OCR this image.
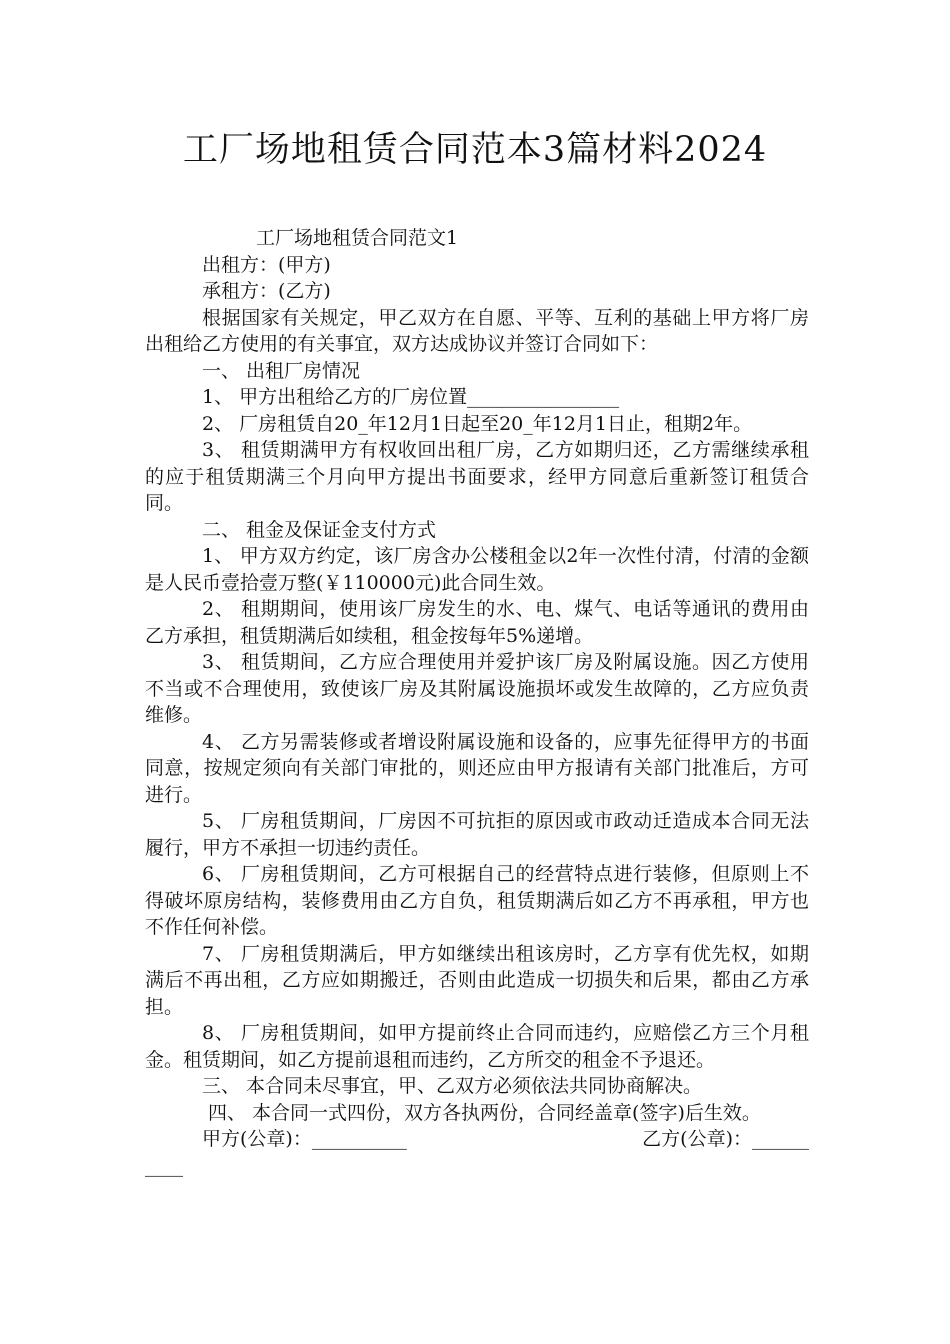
工厂场地租赁合同范本3篇材料2024

工厂场地租赁合同范文1

出租方：(甲方)

承租方：(乙方)

根据国家有关规定，甲乙双方在自愿、平等、互利的基础上甲方将厂房出租给乙方使用的有关事宜，双方达成协议并签订合同如下：

一、 出租厂房情况

1、 甲方出租给乙方的厂房位置________________

2、 厂房租赁自20_年12月1日起至20_年12月1日止，租期2年。

3、 租赁期满甲方有权收回出租厂房，乙方如期归还，乙方需继续承租的应于租赁期满三个月向甲方提出书面要求，经甲方同意后重新签订租赁合同。

二、 租金及保证金支付方式

1、 甲方双方约定，该厂房含办公楼租金以2年一次性付清，付清的金额是人民币壹拾壹万整(￥110000元)此合同生效。

2、 租期期间，使用该厂房发生的水、电、煤气、电话等通讯的费用由乙方承担，租赁期满后如续租，租金按每年5%递增。

3、 租赁期间，乙方应合理使用并爱护该厂房及附属设施。因乙方使用不当或不合理使用，致使该厂房及其附属设施损坏或发生故障的，乙方应负责维修。

4、 乙方另需装修或者增设附属设施和设备的，应事先征得甲方的书面同意，按规定须向有关部门审批的，则还应由甲方报请有关部门批准后，方可进行。

5、 厂房租赁期间，厂房因不可抗拒的原因或市政动迁造成本合同无法履行，甲方不承担一切违约责任。

6、 厂房租赁期间，乙方可根据自己的经营特点进行装修，但原则上不得破坏原房结构，装修费用由乙方自负，租赁期满后如乙方不再承租，甲方也不作任何补偿。

7、 厂房租赁期满后，甲方如继续出租该房时，乙方享有优先权，如期满后不再出租，乙方应如期搬迁，否则由此造成一切损失和后果，都由乙方承担。

8、 厂房租赁期间，如甲方提前终止合同而违约，应赔偿乙方三个月租金。租赁期间，如乙方提前退租而违约，乙方所交的租金不予退还。

三、 本合同未尽事宜，甲、乙双方必须依法共同协商解决。

四、 本合同一式四份，双方各执两份，合同经盖章(签字)后生效。

甲方(公章)：__________	乙方(公章)：______

____
